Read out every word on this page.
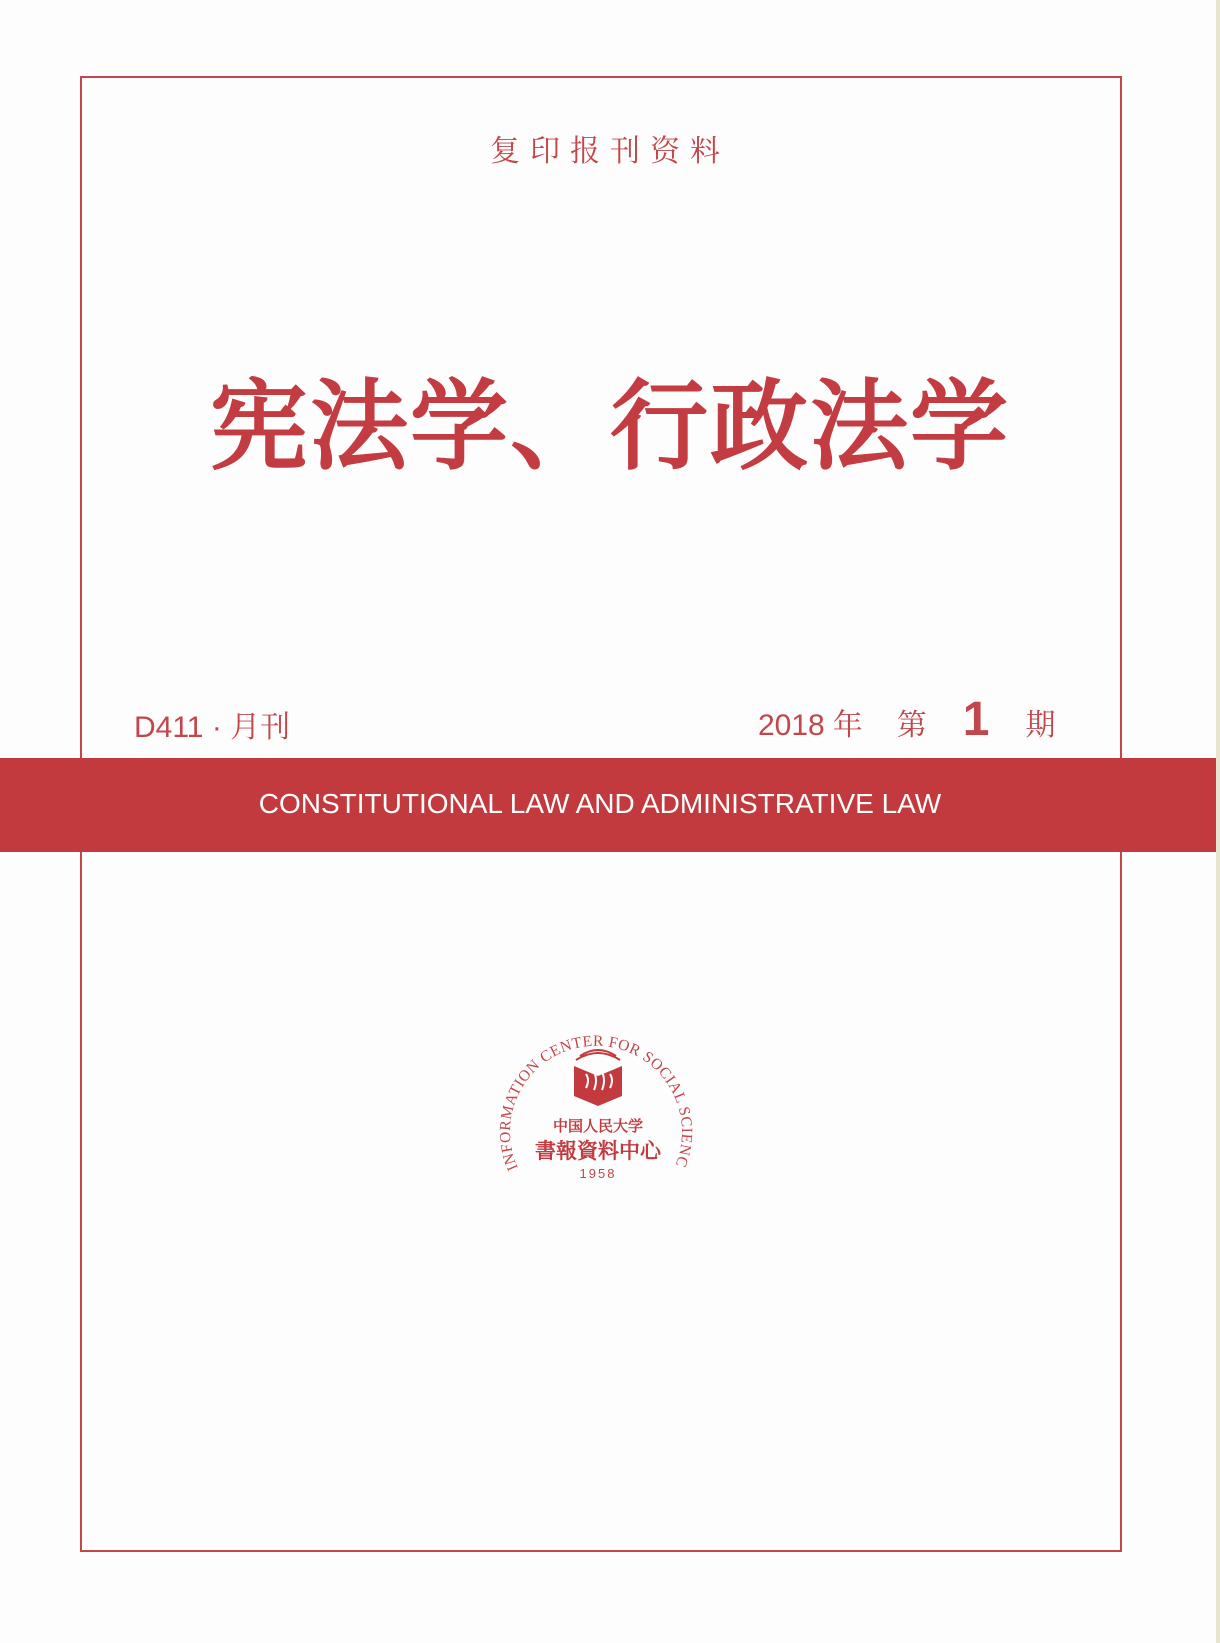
复印报刊资料
宪法学、行政法学
D411 · 月刊	2018 年 第 1 期
CONSTITUTIONAL LAW AND ADMINISTRATIVE LAW
INFORMATION CENTER FOR SOCIAL SCIENC
中国人民大学
書報資料中心
1958
